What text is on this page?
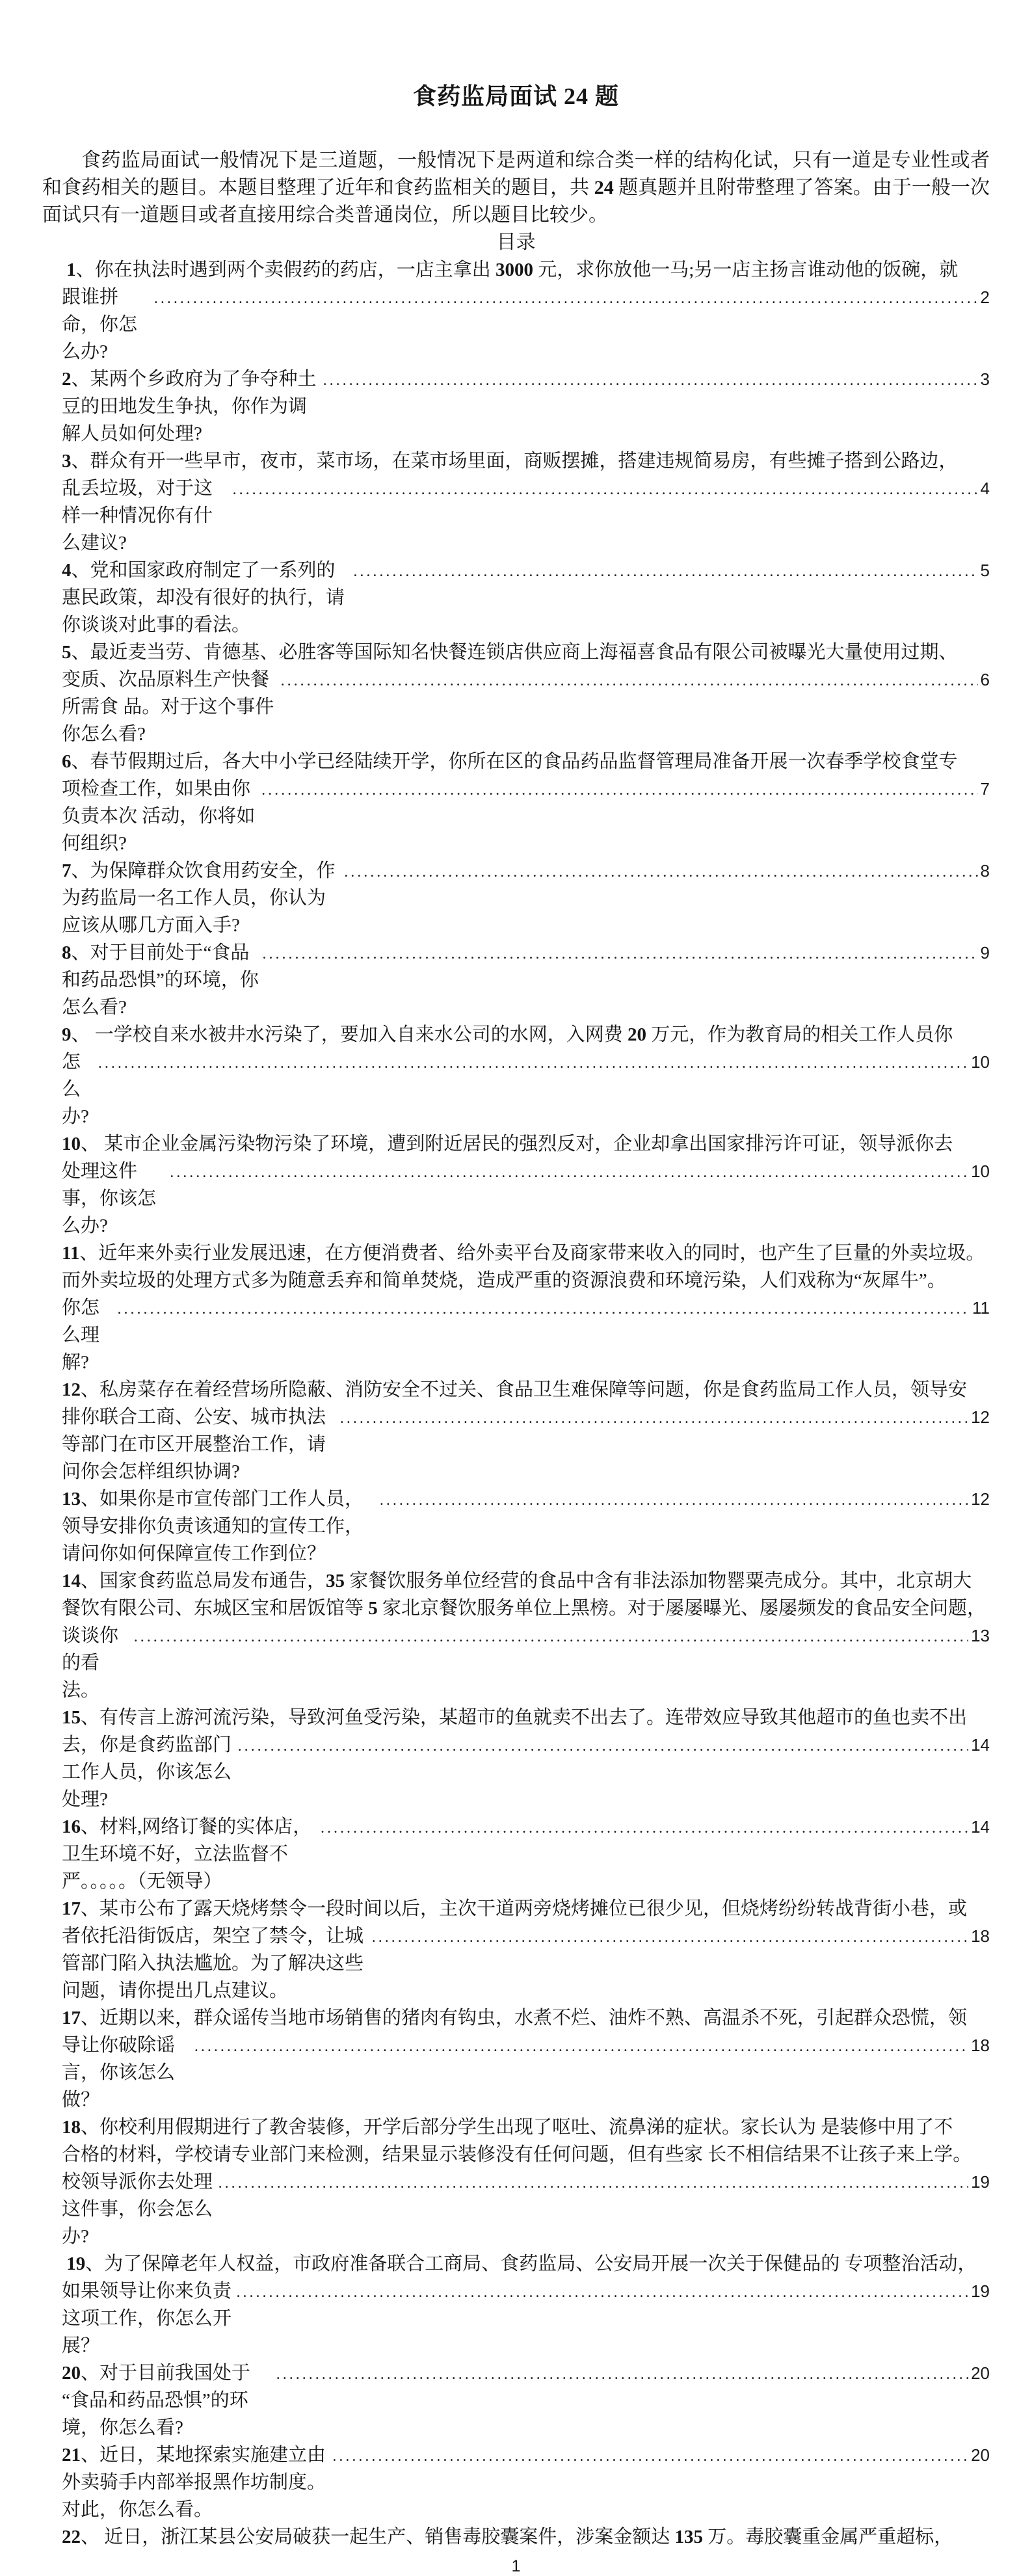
食药监局面试 24 题

食药监局面试一般情况下是三道题，一般情况下是两道和综合类一样的结构化试，只有一道是专业性或者和食药相关的题目。本题目整理了近年和食药监相关的题目，共 24 题真题并且附带整理了答案。由于一般一次面试只有一道题目或者直接用综合类普通岗位，所以题目比较少。

目录
1、你在执法时遇到两个卖假药的药店，一店主拿出 3000 元，求你放他一马;另一店主扬言谁动他的饭碗，就
跟谁拼命，你怎么办?
.....
2
2、某两个乡政府为了争夺种土豆的田地发生争执，你作为调解人员如何处理?
.....
3
3、群众有开一些早市，夜市，菜市场，在菜市场里面，商贩摆摊，搭建违规简易房，有些摊子搭到公路边，
乱丢垃圾，对于这样一种情况你有什么建议?
.....
4
4、党和国家政府制定了一系列的惠民政策，却没有很好的执行，请你谈谈对此事的看法。
.....
5
5、最近麦当劳、肯德基、必胜客等国际知名快餐连锁店供应商上海福喜食品有限公司被曝光大量使用过期、
变质、次品原料生产快餐所需食 品。对于这个事件你怎么看?
.....
6
6、春节假期过后，各大中小学已经陆续开学，你所在区的食品药品监督管理局准备开展一次春季学校食堂专
项检查工作，如果由你负责本次 活动，你将如何组织?
.....
7
7、为保障群众饮食用药安全，作为药监局一名工作人员，你认为应该从哪几方面入手?
.....
8
8、对于目前处于“食品和药品恐惧”的环境，你怎么看?
.....
9
9、 一学校自来水被井水污染了，要加入自来水公司的水网，入网费 20 万元，作为教育局的相关工作人员你
怎么办?
.....
10
10、 某市企业金属污染物污染了环境，遭到附近居民的强烈反对，企业却拿出国家排污许可证，领导派你去
处理这件事，你该怎么办?
.....
10
11、近年来外卖行业发展迅速，在方便消费者、给外卖平台及商家带来收入的同时，也产生了巨量的外卖垃圾。
而外卖垃圾的处理方式多为随意丢弃和简单焚烧，造成严重的资源浪费和环境污染，人们戏称为“灰犀牛”。
你怎么理解?
.....
11
12、私房菜存在着经营场所隐蔽、消防安全不过关、食品卫生难保障等问题，你是食药监局工作人员，领导安
排你联合工商、公安、城市执法等部门在市区开展整治工作，请问你会怎样组织协调?
.....
12
13、如果你是市宣传部门工作人员，领导安排你负责该通知的宣传工作，请问你如何保障宣传工作到位？
.....
12
14、国家食药监总局发布通告，35 家餐饮服务单位经营的食品中含有非法添加物罂粟壳成分。其中，北京胡大
餐饮有限公司、东城区宝和居饭馆等 5 家北京餐饮服务单位上黑榜。对于屡屡曝光、屡屡频发的食品安全问题，
谈谈你的看法。
.....
13
15、有传言上游河流污染，导致河鱼受污染，某超市的鱼就卖不出去了。连带效应导致其他超市的鱼也卖不出
去，你是食药监部门工作人员，你该怎么处理?
.....
14
16、材料,网络订餐的实体店，卫生环境不好，立法监督不严。。。。。（无领导）
.....
14
17、某市公布了露天烧烤禁令一段时间以后，主次干道两旁烧烤摊位已很少见，但烧烤纷纷转战背街小巷，或
者依托沿街饭店，架空了禁令，让城管部门陷入执法尴尬。为了解决这些问题，请你提出几点建议。
.....
18
17、近期以来，群众谣传当地市场销售的猪肉有钩虫，水煮不烂、油炸不熟、高温杀不死，引起群众恐慌，领
导让你破除谣 言，你该怎么做？
.....
18
18、你校利用假期进行了教舍装修，开学后部分学生出现了呕吐、流鼻涕的症状。家长认为 是装修中用了不
合格的材料，学校请专业部门来检测，结果显示装修没有任何问题，但有些家 长不相信结果不让孩子来上学。
校领导派你去处理这件事，你会怎么办?
.....
19
19、为了保障老年人权益，市政府准备联合工商局、食药监局、公安局开展一次关于保健品的 专项整治活动，
如果领导让你来负责这项工作，你怎么开展？
.....
19
20、对于目前我国处于“食品和药品恐惧”的环境，你怎么看?
.....
20
21、近日，某地探索实施建立由外卖骑手内部举报黑作坊制度。对此，你怎么看。
.....
20
22、 近日，浙江某县公安局破获一起生产、销售毒胶囊案件，涉案金额达 135 万。毒胶囊重金属严重超标，
1
